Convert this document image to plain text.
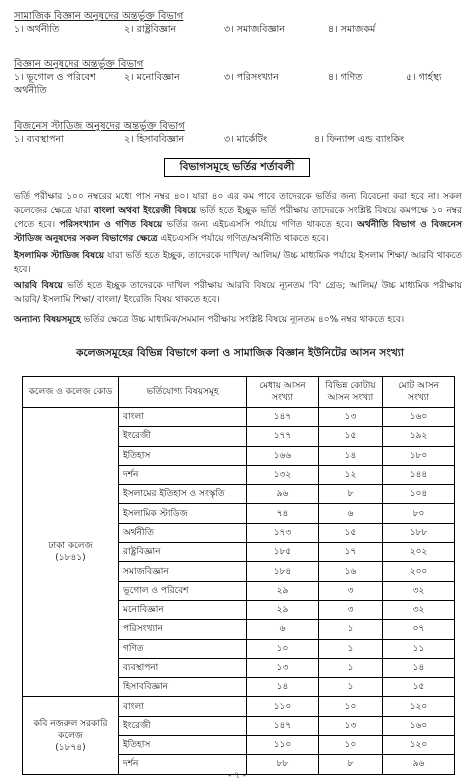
সামাজিক বিজ্ঞান অনুষদের অন্তর্ভুক্ত বিভাগ
১। অর্থনীতি	২। রাষ্ট্রবিজ্ঞান	৩। সমাজবিজ্ঞান	৪। সমাজকর্ম
বিজ্ঞান অনুষদের অন্তর্ভুক্ত বিভাগ
১। ভূগোল ও পরিবেশ	২। মনোবিজ্ঞান	৩। পরিসংখ্যান	৪। গণিত	৫। গার্হস্থ্য
অর্থনীতি
বিজনেস স্টাডিজ অনুষদের অন্তর্ভুক্ত বিভাগ
১। ব্যবস্থাপনা	২। হিসাববিজ্ঞান	৩। মার্কেটিং	৪। ফিন্যান্স এন্ড ব্যাংকিং
বিভাগসমূহে ভর্তির শর্তাবলী
ভর্তি পরীক্ষার ১০০ নম্বরের মধ্যে পাস নম্বর ৪০। যারা ৪০ এর কম পাবে তাদেরকে ভর্তির জন্য বিবেচনা করা হবে না। সকল কলেজের ক্ষেত্রে যারা বাংলা অথবা ইংরেজী বিষয়ে ভর্তি হতে ইচ্ছুক ভর্তি পরীক্ষায় তাদেরকে সংশ্লিষ্ট বিষয়ে কমপক্ষে ১০ নম্বর পেতে হবে। পরিসংখ্যান ও গণিত বিষয়ে ভর্তির জন্য এইচএসসি পর্যায়ে গণিত থাকতে হবে। অর্থনীতি বিভাগ ও বিজনেস স্টাডিজ অনুষদের সকল বিভাগের ক্ষেত্রে এইচএসসি পর্যায়ে গণিত/অর্থনীতি থাকতে হবে।
ইসলামিক স্টাডিজ বিষয়ে যারা ভর্তি হতে ইচ্ছুক, তাদেরকে দাখিল/ আলিম/ উচ্চ মাধ্যমিক পর্যায়ে ইসলাম শিক্ষা/ আরবি থাকতে হবে।
আরবি বিষয়ে ভর্তি হতে ইচ্ছুক তাদেরকে দাখিল পরীক্ষায় আরবি বিষয়ে ন্যূনতম 'বি' গ্রেড; আলিম/ উচ্চ মাধ্যমিক পরীক্ষায় আরবি/ ইসলামি শিক্ষা/ বাংলা/ ইংরেজি বিষয় থাকতে হবে।
অন্যান্য বিষয়সমূহে ভর্তির ক্ষেত্রে উচ্চ মাধ্যমিক/সমমান পরীক্ষায় সংশ্লিষ্ট বিষয়ে ন্যূনতম ৪০% নম্বর থাকতে হবে।
কলেজসমূহের বিভিন্ন বিভাগে কলা ও সামাজিক বিজ্ঞান ইউনিটের আসন সংখ্যা
কলেজ ও কলেজ কোড	ভর্তিযোগ্য বিষয়সমূহ	মেধায় আসন সংখ্যা	বিভিন্ন কোটায় আসন সংখ্যা	মোট আসন সংখ্যা

ঢাকা কলেজ
(১৮৪১)	বাংলা	১৪৭	১৩	১৬০
	ইংরেজী	১৭৭	১৫	১৯২
	ইতিহাস	১৬৬	১৪	১৮০
	দর্শন	১৩২	১২	১৪৪
	ইসলামের ইতিহাস ও সংস্কৃতি	৯৬	৮	১০৪
	ইসলামিক স্টাডিজ	৭৪	৬	৮০
	অর্থনীতি	১৭৩	১৫	১৮৮
	রাষ্ট্রবিজ্ঞান	১৮৫	১৭	২০২
	সমাজবিজ্ঞান	১৮৪	১৬	২০০
	ভূগোল ও পরিবেশ	২৯	৩	৩২
	মনোবিজ্ঞান	২৯	৩	৩২
	পরিসংখ্যান	৬	১	০৭
	গণিত	১০	১	১১
	ব্যবস্থাপনা	১৩	১	১৪
	হিসাববিজ্ঞান	১৪	১	১৫

কবি নজরুল সরকারি কলেজ
(১৮৭৪)	বাংলা	১১০	১০	১২০
	ইংরেজী	১৪৭	১৩	১৬০
	ইতিহাস	১১০	১০	১২০
	দর্শন	৮৮	৮	৯৬
- ৭ -
